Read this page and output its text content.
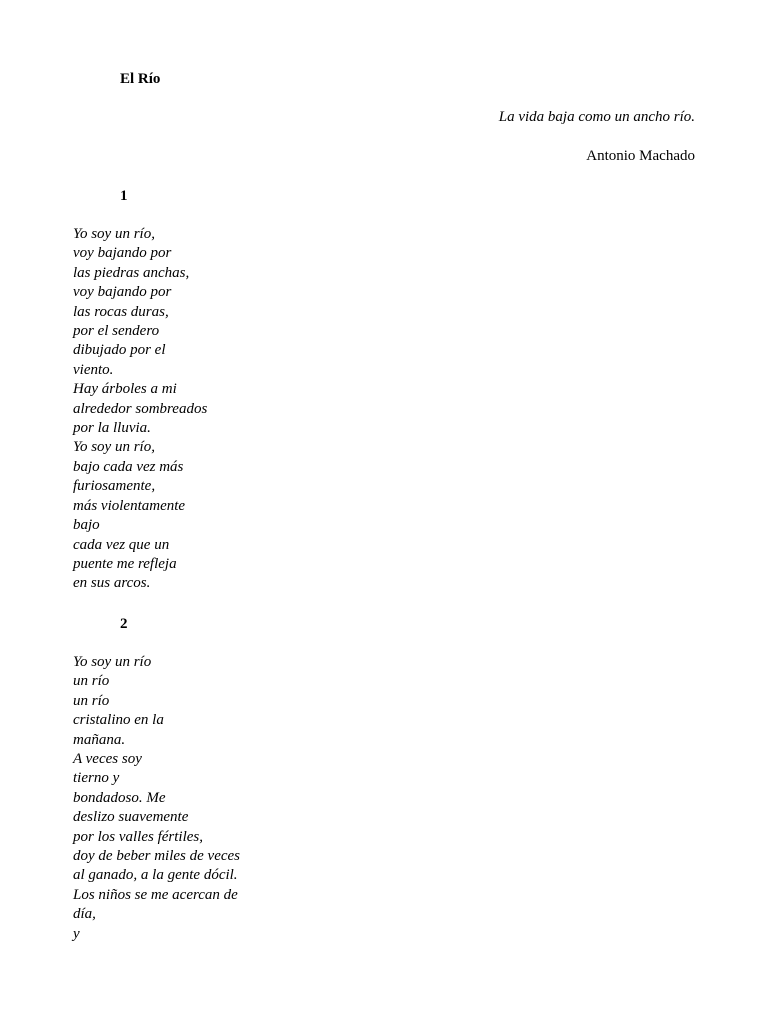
El Río

La vida baja como un ancho río.

Antonio Machado

1

Yo soy un río,
voy bajando por
las piedras anchas,
voy bajando por
las rocas duras,
por el sendero
dibujado por el
viento.
Hay árboles a mi
alrededor sombreados
por la lluvia.
Yo soy un río,
bajo cada vez más
furiosamente,
más violentamente
bajo
cada vez que un
puente me refleja
en sus arcos.

2

Yo soy un río
un río
un río
cristalino en la
mañana.
A veces soy
tierno y
bondadoso. Me
deslizo suavemente
por los valles fértiles,
doy de beber miles de veces
al ganado, a la gente dócil.
Los niños se me acercan de
día,
y
